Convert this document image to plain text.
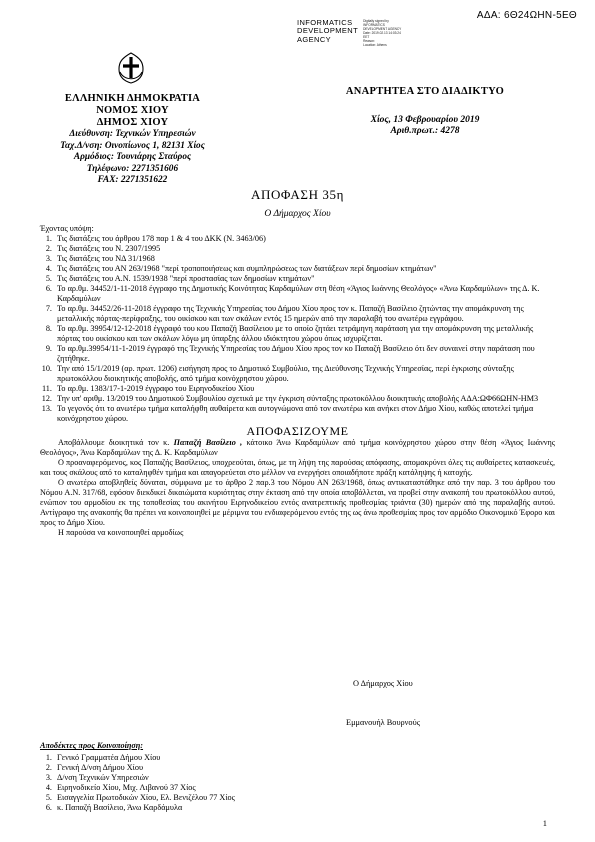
ΑΔΑ: 6Θ24ΩΗΝ-5ΕΘ
INFORMATICS
DEVELOPMENT
AGENCY
Digitally signed by
INFORMATICS
DEVELOPMENT AGENCY
Date: 2019.02.13 14:03:24
EET
Reason:
Location: Athens
ΕΛΛΗΝΙΚΗ ΔΗΜΟΚΡΑΤΙΑ
ΝΟΜΟΣ ΧΙΟΥ
ΔΗΜΟΣ ΧΙΟΥ
Διεύθυνση: Τεχνικών Υπηρεσιών
Ταχ.Δ/νση: Οινοπίωνος 1, 82131 Χίος
Αρμόδιος: Τουνιάρης Σταύρος
Τηλέφωνο: 2271351606
FAX: 2271351622
ΑΝΑΡΤΗΤΕΑ ΣΤΟ ΔΙΑΔΙΚΤΥΟ
Χίος, 13 Φεβρουαρίου 2019
Αριθ.πρωτ.: 4278
ΑΠΟΦΑΣΗ 35η
Ο Δήμαρχος Χίου
Έχοντας υπόψη:
1. Τις διατάξεις του άρθρου 178 παρ 1 & 4 του ΔΚΚ (Ν. 3463/06)
2. Τις διατάξεις του Ν. 2307/1995
3. Τις διατάξεις του ΝΔ 31/1968
4. Τις διατάξεις του ΑΝ 263/1968 "περί τροποποιήσεως και συμπληρώσεως των διατάξεων περί δημοσίων κτημάτων"
5. Τις διατάξεις του Α.Ν. 1539/1938 "περί προστασίας των δημοσίων κτημάτων"
6. Το αρ.θμ. 34452/1-11-2018 έγγραφο της Δημοτικής Κοινότητας Καρδαμύλων στη θέση «Άγιος Ιωάννης Θεολόγος» «Άνω Καρδαμύλων» της Δ. Κ. Καρδαμύλων
7. Το αρ.θμ. 34452/26-11-2018 έγγραφο της Τεχνικής Υπηρεσίας του Δήμου Χίου προς τον κ. Παπαζή Βασίλειο ζητώντας την απομάκρυνση της μεταλλικής πόρτας-περίφραξης, του οικίσκου και των σκάλων εντός 15 ημερών από την παραλαβή του ανωτέρω εγγράφου.
8. Το αρ.θμ. 39954/12-12-2018 έγγραφό του κου Παπαζή Βασίλειου με το οποίο ζητάει τετράμηνη παράταση για την απομάκρυνση της μεταλλικής πόρτας του οικίσκου και των σκάλων λόγω μη ύπαρξης άλλου ιδιόκτητου χώρου όπως ισχυρίζεται.
9. Το αρ.θμ.39954/11-1-2019 έγγραφό της Τεχνικής Υπηρεσίας του Δήμου Χίου προς τον κο Παπαζή Βασίλειο ότι δεν συναινεί στην παράταση που ζητήθηκε.
10. Την από 15/1/2019 (αρ. πρωτ. 1206) εισήγηση προς το Δημοτικό Συμβούλιο, της Διεύθυνσης Τεχνικής Υπηρεσίας, περί έγκρισης σύνταξης πρωτοκόλλου διοικητικής αποβολής, από τμήμα κοινόχρηστου χώρου.
11. Το αρ.θμ. 1383/17-1-2019 έγγραφο του Ειρηνοδικείου Χίου
12. Την υπ' αριθμ. 13/2019 του Δημοτικού Συμβουλίου σχετικά με την έγκριση σύνταξης πρωτοκόλλου διοικητικής αποβολής ΑΔΑ:ΩΦ66ΩΗΝ-ΗΜ3
13. Το γεγονός ότι το ανωτέρω τμήμα καταλήφθη αυθαίρετα και αυτογνώμονα από τον ανωτέρω και ανήκει στον Δήμο Χίου, καθώς αποτελεί τμήμα κοινόχρηστου χώρου.
ΑΠΟΦΑΣΙΖΟΥΜΕ

Αποβάλλουμε διοικητικά τον κ. Παπαζή Βασίλειο , κάτοικο Άνω Καρδαμύλων από τμήμα κοινόχρηστου χώρου στην θέση «Άγιος Ιωάννης Θεολόγος», Άνω Καρδαμύλων της Δ. Κ. Καρδαμύλων

Ο προαναφερόμενος, κος Παπαζής Βασίλειος, υποχρεούται, όπως, με τη λήψη της παρούσας απόφασης, απομακρύνει όλες τις αυθαίρετες κατασκευές, και τους σκάλους από το καταληφθέν τμήμα και απαγορεύεται στο μέλλον να ενεργήσει οποιαδήποτε πράξη κατάληψης ή κατοχής.

Ο ανωτέρω αποβληθείς δύναται, σύμφωνα με το άρθρο 2 παρ.3 του Νόμου ΑΝ 263/1968, όπως αντικαταστάθηκε από την παρ. 3 του άρθρου του Νόμου Α.Ν. 317/68, εφόσον διεκδικεί δικαιώματα κυριότητας στην έκταση από την οποία αποβάλλεται, να προβεί στην ανακοπή του πρωτοκόλλου αυτού, ενώπιον του αρμοδίου εκ της τοποθεσίας του ακινήτου Ειρηνοδικείου εντός ανατρεπτικής προθεσμίας τριάντα (30) ημερών από της παραλαβής αυτού. Αντίγραφο της ανακοπής θα πρέπει να κοινοποιηθεί με μέριμνα του ενδιαφερόμενου εντός της ως άνω προθεσμίας προς τον αρμόδιο Οικονομικό Έφορο και προς το Δήμο Χίου.

Η παρούσα να κοινοποιηθεί αρμοδίως

Ο Δήμαρχος Χίου
Εμμανουήλ Βουρνούς
Αποδέκτες προς Κοινοποίηση:
1. Γενικό Γραμματέα Δήμου Χίου
2. Γενική Δ/νση Δήμου Χίου
3. Δ/νση Τεχνικών Υπηρεσιών
4. Ειρηνοδικείο Χίου, Μιχ. Λιβανού 37 Χίος
5. Εισαγγελία Πρωτοδικών Χίου, Ελ. Βενιζέλου 77 Χίος
6. κ. Παπαζή Βασίλειο, Άνω Καρδάμυλα
1
